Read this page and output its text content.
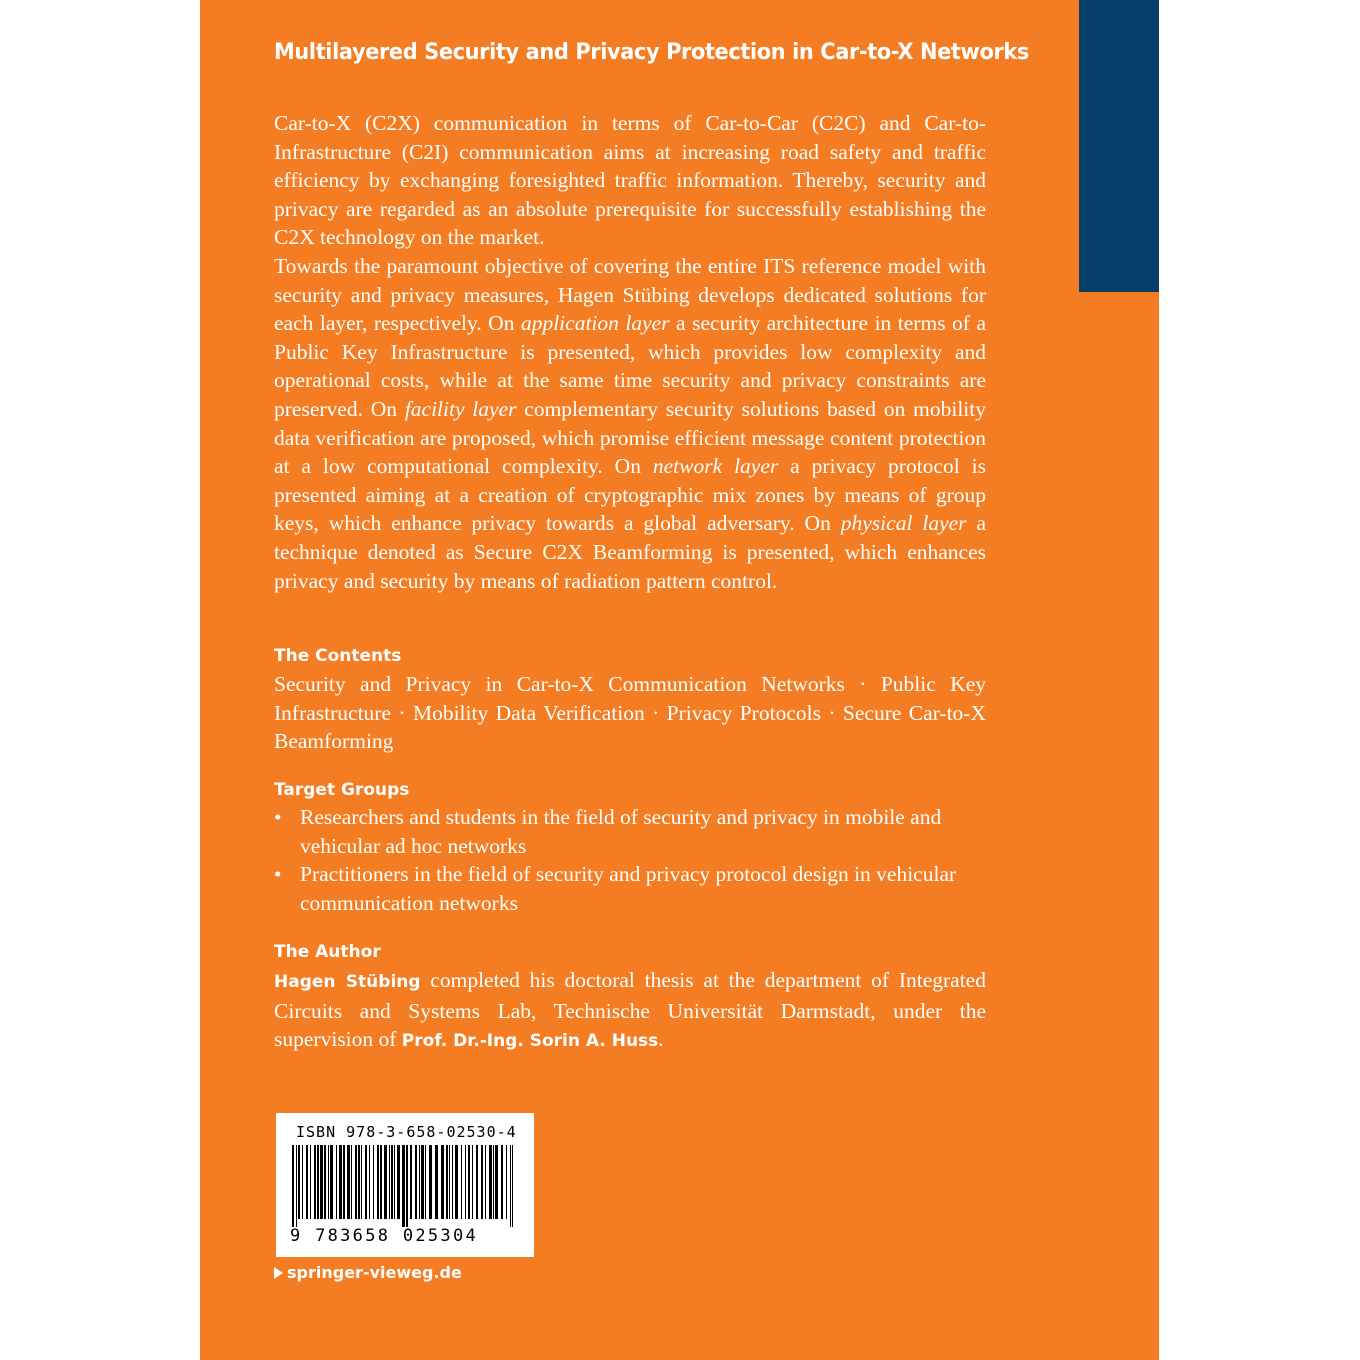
Multilayered Security and Privacy Protection in Car-to-X Networks

Car-to-X (C2X) communication in terms of Car-to-Car (C2C) and Car-to- Infrastructure (C2I) communication aims at increasing road safety and traffic efficiency by exchanging foresighted traffic information. Thereby, security and privacy are regarded as an absolute prerequisite for successfully establishing the C2X technology on the market.

Towards the paramount objective of covering the entire ITS reference model with security and privacy measures, Hagen Stübing develops dedicated solutions for each layer, respectively. On application layer a security architecture in terms of a Public Key Infrastructure is presented, which provides low complexity and operational costs, while at the same time security and privacy constraints are preserved. On facility layer complementary security solutions based on mobility data verification are proposed, which promise efficient message content protection at a low computational complexity. On network layer a privacy protocol is presented aiming at a creation of cryptographic mix zones by means of group keys, which enhance privacy towards a global adversary. On physical layer a technique denoted as Secure C2X Beamforming is presented, which enhances privacy and security by means of radiation pattern control.

The Contents
Security and Privacy in Car-to-X Communication Networks · Public Key Infrastructure · Mobility Data Verification · Privacy Protocols · Secure Car-to-X Beamforming
Target Groups
• Researchers and students in the field of security and privacy in mobile and vehicular ad hoc networks
• Practitioners in the field of security and privacy protocol design in vehicular communication networks
The Author
Hagen Stübing completed his doctoral thesis at the department of Integrated Circuits and Systems Lab, Technische Universität Darmstadt, under the supervision of Prof. Dr.-Ing. Sorin A. Huss.
ISBN 978-3-658-02530-4
9 783658 025304
springer-vieweg.de
